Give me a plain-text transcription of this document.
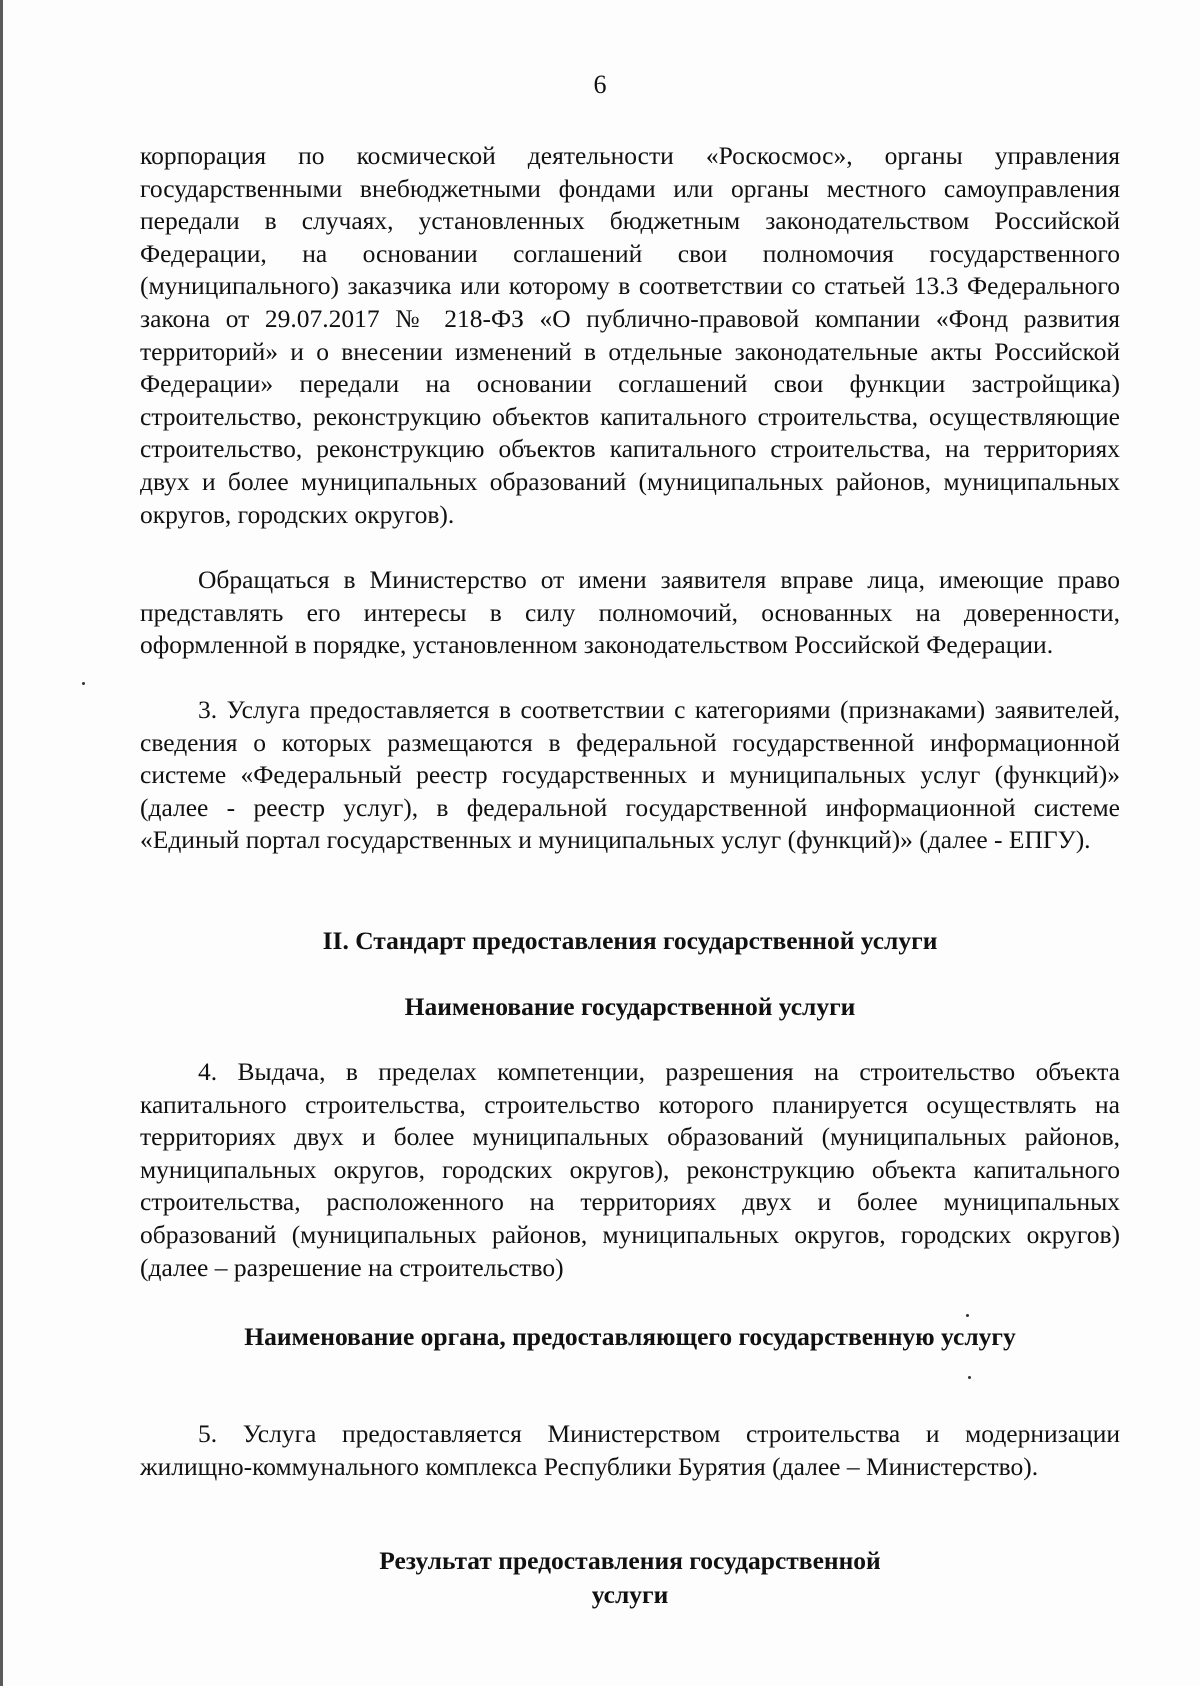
6

корпорация по космической деятельности «Роскосмос», органы управления государственными внебюджетными фондами или органы местного самоуправления передали в случаях, установленных бюджетным законодательством Российской Федерации, на основании соглашений свои полномочия государственного (муниципального) заказчика или которому в соответствии со статьей 13.3 Федерального закона от 29.07.2017 № 218-ФЗ «О публично-правовой компании «Фонд развития территорий» и о внесении изменений в отдельные законодательные акты Российской Федерации» передали на основании соглашений свои функции застройщика) строительство, реконструкцию объектов капитального строительства, осуществляющие строительство, реконструкцию объектов капитального строительства, на территориях двух и более муниципальных образований (муниципальных районов, муниципальных округов, городских округов).

Обращаться в Министерство от имени заявителя вправе лица, имеющие право представлять его интересы в силу полномочий, основанных на доверенности, оформленной в порядке, установленном законодательством Российской Федерации.

3. Услуга предоставляется в соответствии с категориями (признаками) заявителей, сведения о которых размещаются в федеральной государственной информационной системе «Федеральный реестр государственных и муниципальных услуг (функций)» (далее - реестр услуг), в федеральной государственной информационной системе «Единый портал государственных и муниципальных услуг (функций)» (далее - ЕПГУ).

II. Стандарт предоставления государственной услуги
Наименование государственной услуги

4. Выдача, в пределах компетенции, разрешения на строительство объекта капитального строительства, строительство которого планируется осуществлять на территориях двух и более муниципальных образований (муниципальных районов, муниципальных округов, городских округов), реконструкцию объекта капитального строительства, расположенного на территориях двух и более муниципальных образований (муниципальных районов, муниципальных округов, городских округов) (далее – разрешение на строительство)

Наименование органа, предоставляющего государственную услугу

5. Услуга предоставляется Министерством строительства и модернизации жилищно-коммунального комплекса Республики Бурятия (далее – Министерство).

Результат предоставления государственной услуги
